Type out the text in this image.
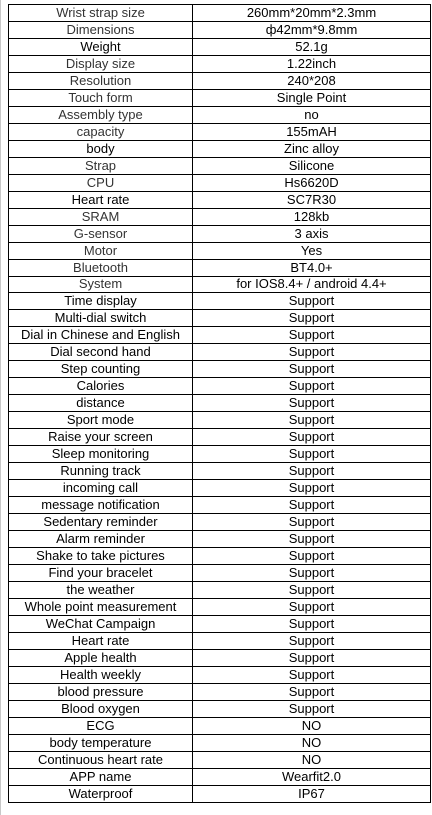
Wrist strap size	260mm*20mm*2.3mm
Dimensions	ф42mm*9.8mm
Weight	52.1g
Display size	1.22inch
Resolution	240*208
Touch form	Single Point
Assembly type	no
capacity	155mAH
body	Zinc alloy
Strap	Silicone
CPU	Hs6620D
Heart rate	SC7R30
SRAM	128kb
G-sensor	3 axis
Motor	Yes
Bluetooth	BT4.0+
System	for IOS8.4+ / android 4.4+
Time display	Support
Multi-dial switch	Support
Dial in Chinese and English	Support
Dial second hand	Support
Step counting	Support
Calories	Support
distance	Support
Sport mode	Support
Raise your screen	Support
Sleep monitoring	Support
Running track	Support
incoming call	Support
message notification	Support
Sedentary reminder	Support
Alarm reminder	Support
Shake to take pictures	Support
Find your bracelet	Support
the weather	Support
Whole point measurement	Support
WeChat Campaign	Support
Heart rate	Support
Apple health	Support
Health weekly	Support
blood pressure	Support
Blood oxygen	Support
ECG	NO
body temperature	NO
Continuous heart rate	NO
APP name	Wearfit2.0
Waterproof	IP67
